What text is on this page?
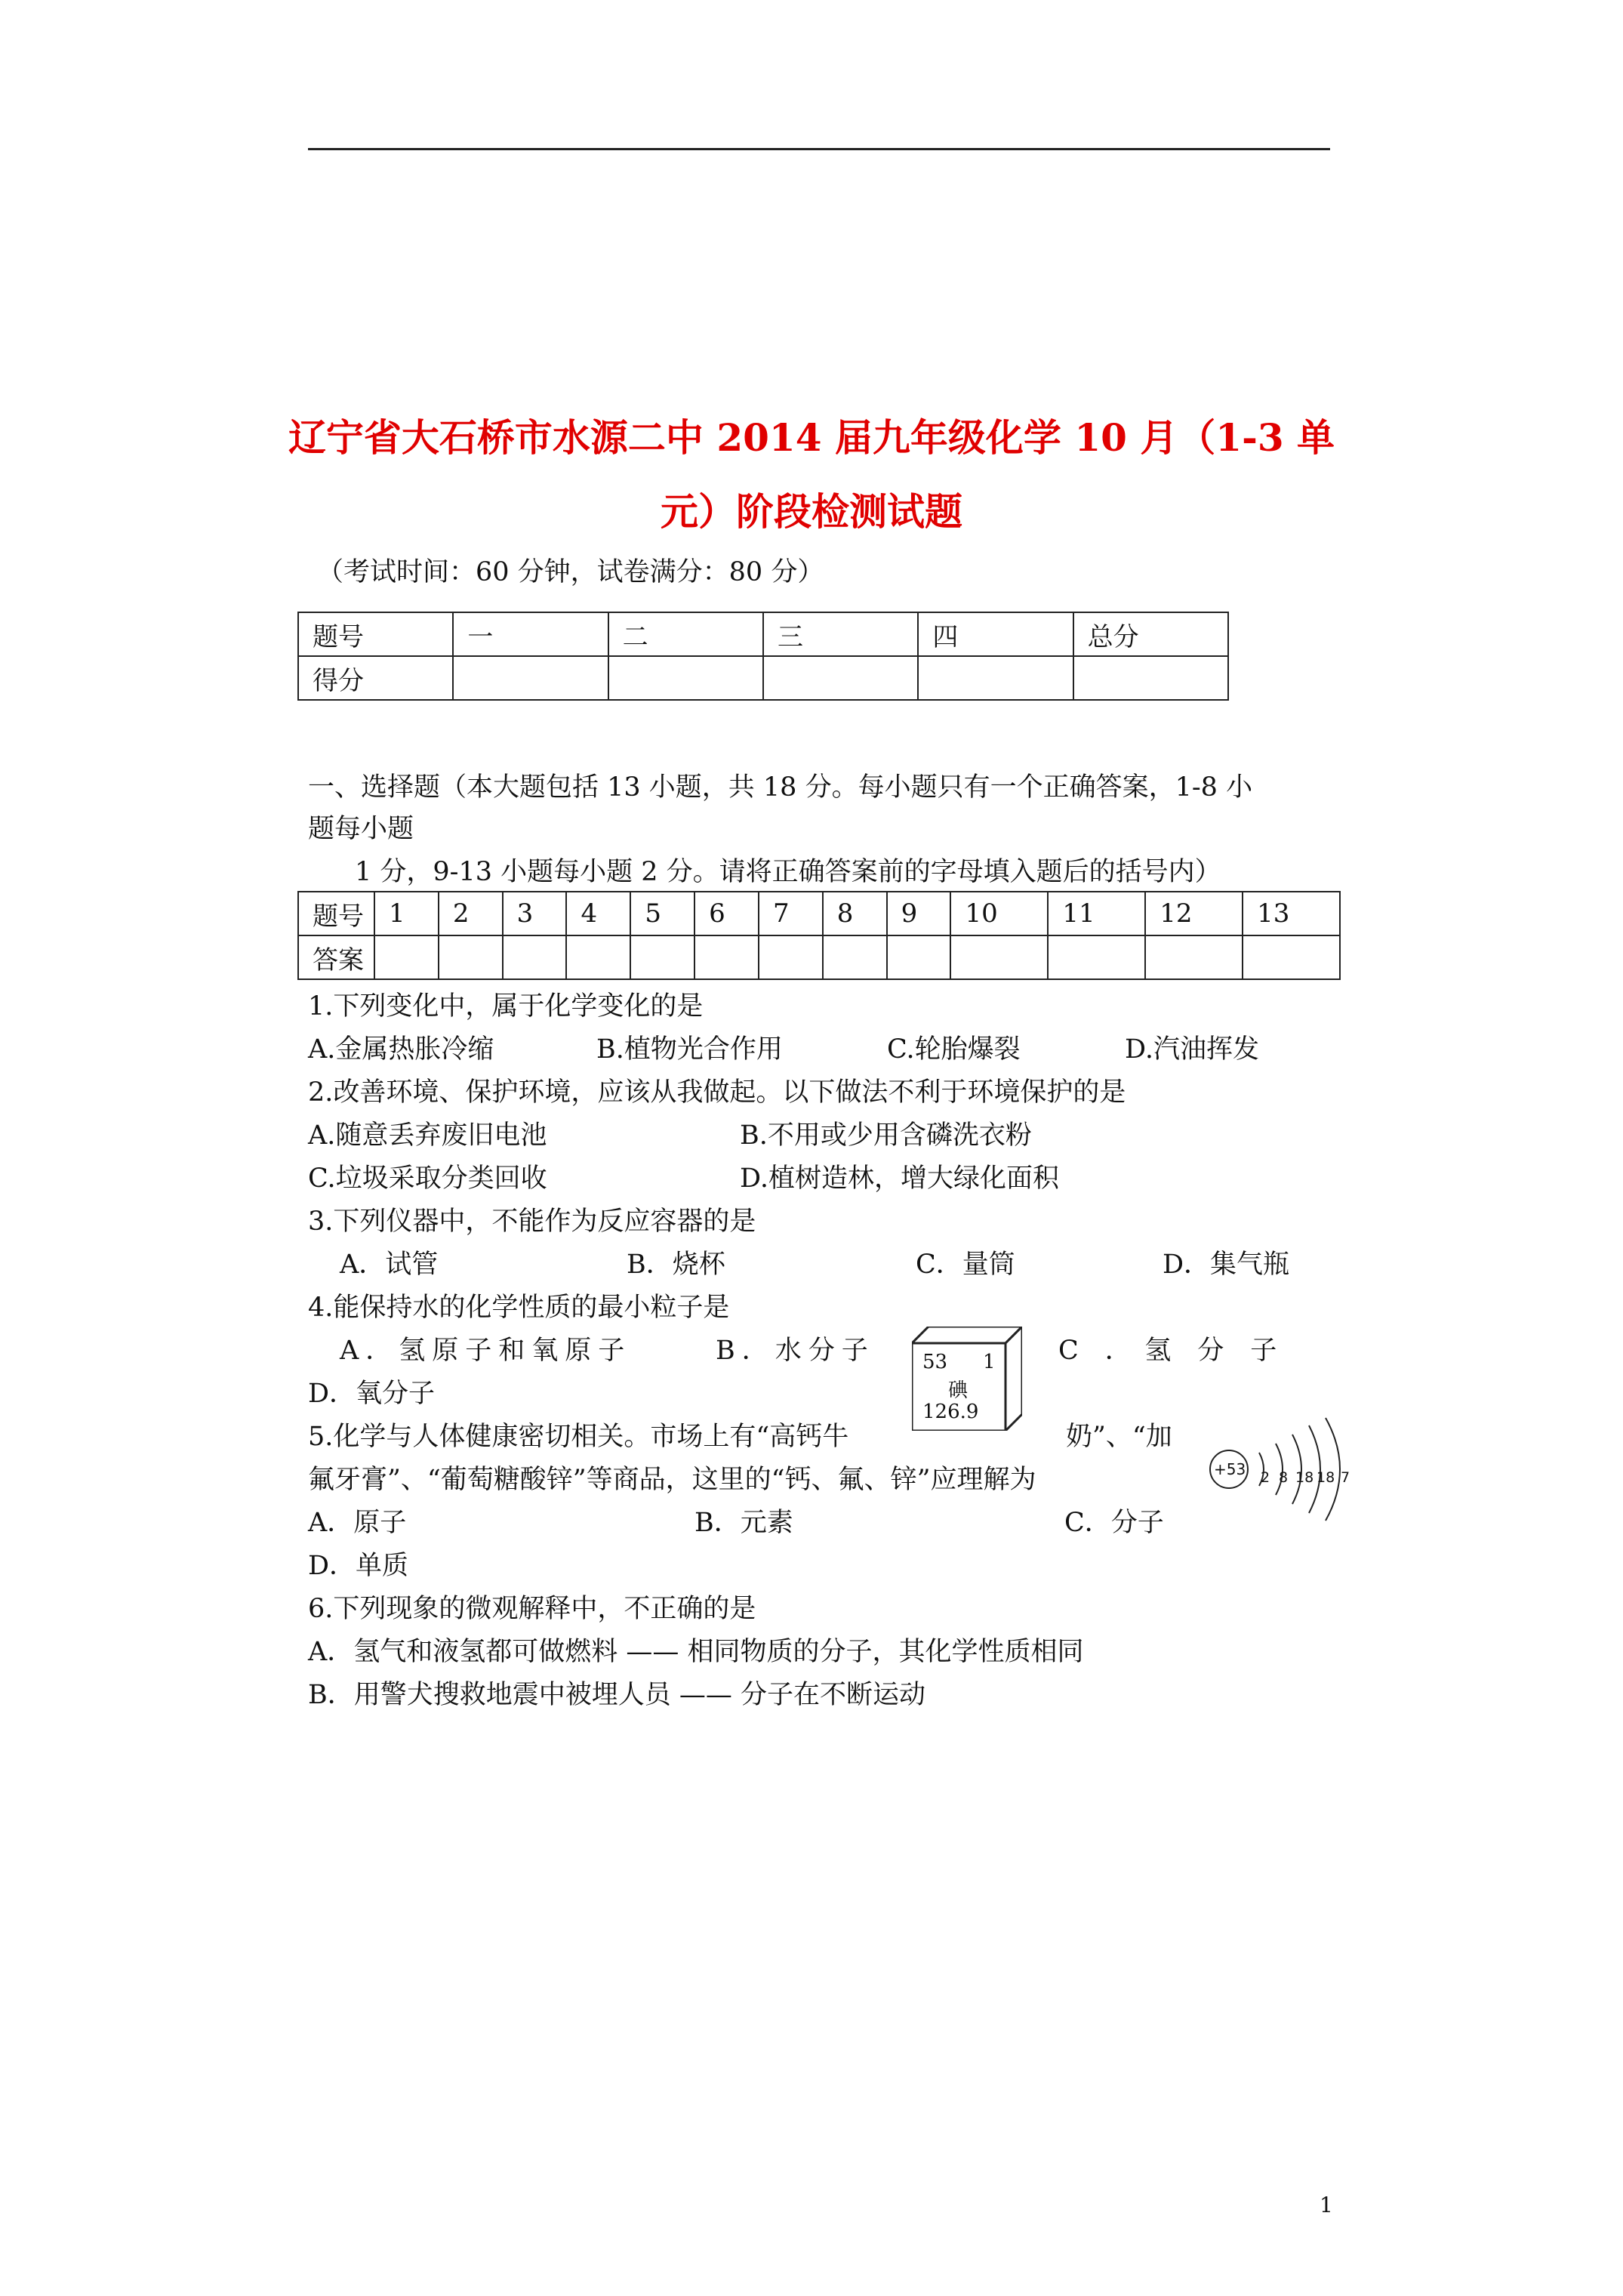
辽宁省大石桥市水源二中 2014 届九年级化学 10 月（1-3 单
元）阶段检测试题
（考试时间：60 分钟，试卷满分：80 分）
题号	一	二	三	四	总分
得分					
一、选择题（本大题包括 13 小题，共 18 分。每小题只有一个正确答案，1-8 小
题每小题
1 分，9-13 小题每小题 2 分。请将正确答案前的字母填入题后的括号内）
题号	1	2	3	4	5	6	7	8	9	10	11	12	13
答案													
1.下列变化中，属于化学变化的是
A.金属热胀冷缩	B.植物光合作用	C.轮胎爆裂	D.汽油挥发
2.改善环境、保护环境，应该从我做起。以下做法不利于环境保护的是
A.随意丢弃废旧电池	B.不用或少用含磷洗衣粉
C.垃圾采取分类回收	D.植树造林，增大绿化面积
3.下列仪器中，不能作为反应容器的是
A．试管	B．烧杯	C．量筒	D．集气瓶
4.能保持水的化学性质的最小粒子是
A．氢原子和氧原子	B．水分子	C　．　氢　分　子
D．氧分子
53 1
碘
126.9
5.化学与人体健康密切相关。市场上有“高钙牛	奶”、“加
氟牙膏”、“葡萄糖酸锌”等商品，这里的“钙、氟、锌”应理解为
A．原子	B．元素	C．分子
D．单质
+53 2 8 18 18 7
6.下列现象的微观解释中，不正确的是
A．氢气和液氢都可做燃料 —— 相同物质的分子，其化学性质相同
B．用警犬搜救地震中被埋人员 —— 分子在不断运动
1
